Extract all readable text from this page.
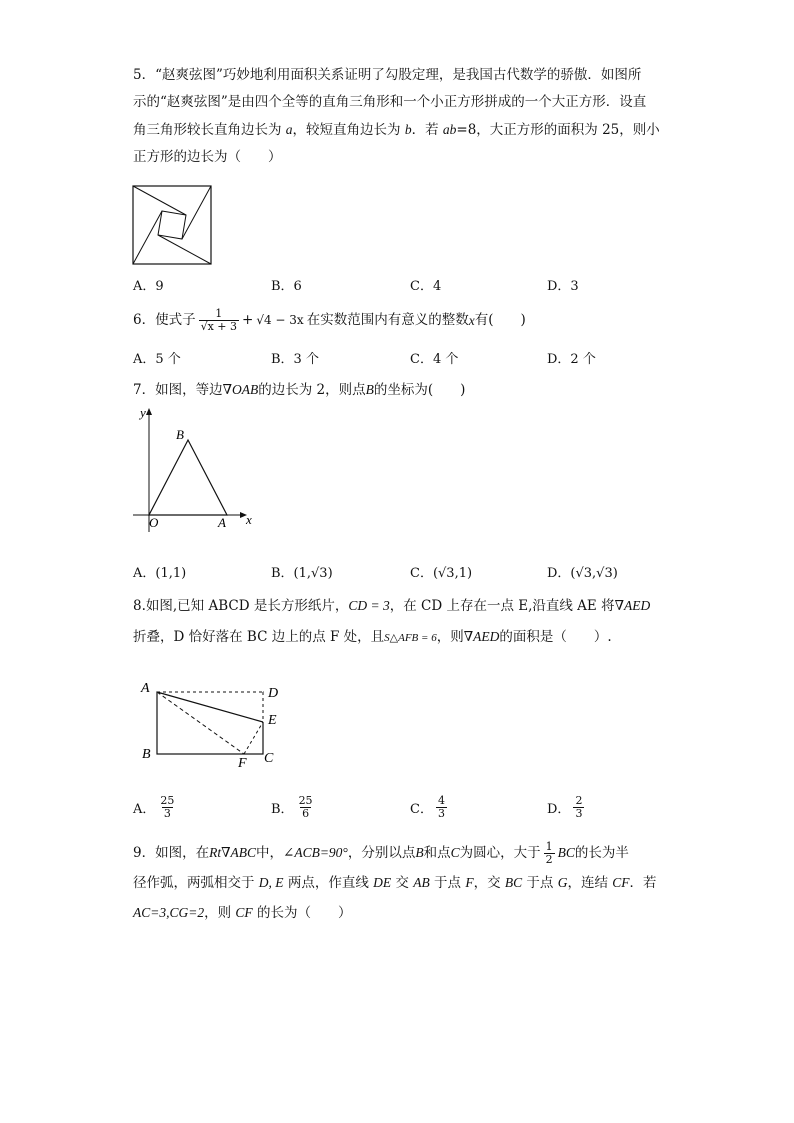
5．“赵爽弦图”巧妙地利用面积关系证明了勾股定理，是我国古代数学的骄傲．如图所
示的“赵爽弦图”是由四个全等的直角三角形和一个小正方形拼成的一个大正方形．设直
角三角形较长直角边长为 a，较短直角边长为 b．若 ab=8，大正方形的面积为 25，则小
正方形的边长为（　　）
A．9	B．6	C．4	D．3
6．使式子 $\frac{1}{√x + 3} + √4 - 3x$ 在实数范围内有意义的整数 x 有(　　)
A．5 个	B．3 个	C．4 个	D．2 个
7．如图，等边∇OAB的边长为 2，则点B的坐标为(　　)
y
x
B
O	A
A．(1,1)	B．(1,√3)	C．(√3,1)	D．(√3,√3)
8.如图,已知 ABCD 是长方形纸片，CD = 3，在 CD 上存在一点 E,沿直线 AE 将∇AED
折叠，D 恰好落在 BC 边上的点 F 处，且S△AFB = 6，则∇AED的面积是（　　）.
A	D
E
B
F C
A． $\frac{25}{3}$	B． $\frac{25}{6}$	C． $\frac{4}{3}$	D． $\frac{2}{3}$
9．如图，在 Rt∇ABC 中， ∠ACB=90° ，分别以点 B 和点 C 为圆心，大于 $\frac{1}{2}$ BC 的长为半
径作弧，两弧相交于 D, E 两点，作直线 DE 交 AB 于点 F，交 BC 于点 G，连结 CF．若
AC=3,CG=2，则 CF 的长为（　　）
